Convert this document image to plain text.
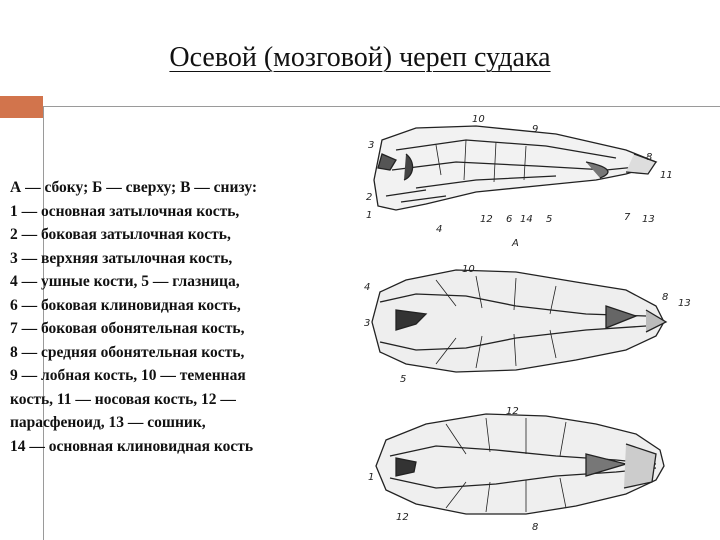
Осевой (мозговой) череп судака
А — сбоку; Б — сверху; В — снизу:
1 — основная затылочная кость,
2 — боковая затылочная кость,
3 — верхняя затылочная кость,
4 — ушные кости, 5 — глазница,
6 — боковая клиновидная кость,
7 — боковая обонятельная кость,
8 — средняя обонятельная кость,
9 — лобная кость, 10 — теменная
кость, 11 — носовая кость, 12 —
парасфеноид, 13 — сошник,
14 — основная клиновидная кость
10
9
3
8
11
2
1
4
12 6 14 5	7 13
А
10
4
3
8
13
5
12
1
12
8
